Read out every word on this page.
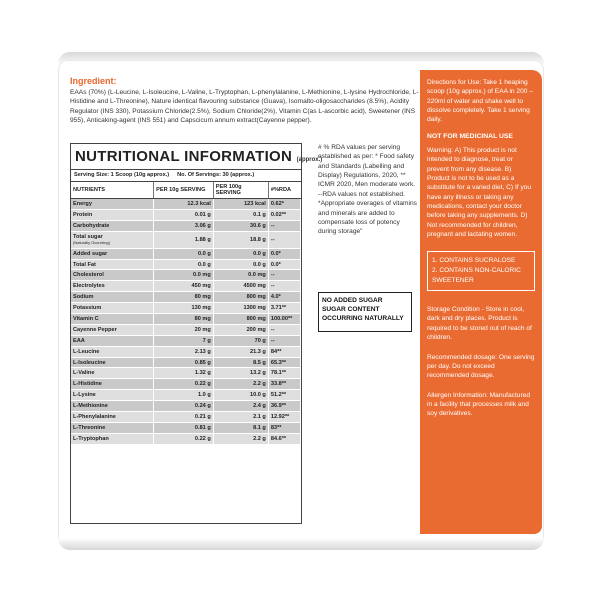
Ingredient:
EAAs (70%) (L-Leucine, L-Isoleucine, L-Valine, L-Tryptophan, L-phenylalanine, L-Methionine, L-lysine Hydrochloride, L-Histidine and L-Threonine), Nature identical flavouring substance (Guava), Isomalto-oligosaccharides (8.5%), Acidity Regulator (INS 330), Potassium Chloride(2.5%), Sodium Chloride(2%), Vitamin C(as L-ascorbic acid), Sweetener (INS 955), Anticaking-agent (INS 551) and Capscicum annum extract(Cayenne pepper).
NUTRITIONAL INFORMATION (approx.)
Serving Size: 1 Scoop (10g approx.) No. Of Servings: 30 (approx.)
NUTRIENTS	PER 10g SERVING	PER 100g SERVING	#%RDA
Energy	12.3 kcal	123 kcal	0.62*
Protein	0.01 g	0.1 g	0.02**
Carbohydrate	3.06 g	30.6 g	--
Total sugar
(Naturally Occurring)	1.88 g	18.8 g	--
Added sugar	0.0 g	0.0 g	0.0*
Total Fat	0.0 g	0.0 g	0.0*
Cholesterol	0.0 mg	0.0 mg	--
Electrolytes	450 mg	4500 mg	--
Sodium	80 mg	800 mg	4.0*
Potassium	130 mg	1300 mg	3.71**
Vitamin C	80 mg	800 mg	100.00**
Cayenne Pepper	20 mg	200 mg	--
EAA	7 g	70 g	--
L-Leucine	2.13 g	21.3 g	84**
L-Isoleucine	0.85 g	8.5 g	65.3**
L-Valine	1.32 g	13.2 g	78.1**
L-Histidine	0.22 g	2.2 g	33.8**
L-Lysine	1.0 g	10.0 g	51.2**
L-Methionine	0.24 g	2.4 g	36.9**
L-Phenylalanine	0.21 g	2.1 g	12.92**
L-Threonine	0.81 g	8.1 g	83**
L-Tryptophan	0.22 g	2.2 g	84.6**
# % RDA values per serving established as per: * Food safety and Standards (Labelling and Display) Regulations, 2020, ** ICMR 2020, Men moderate work. --RDA values not established. *Appropriate overages of vitamins and minerals are added to compensate loss of potency during storage"
NO ADDED SUGAR SUGAR CONTENT OCCURRING NATURALLY
Directions for Use: Take 1 heaping scoop (10g approx.) of EAA in 200 – 220ml of water and shake well to dissolve completely. Take 1 serving daily.
NOT FOR MEDICINAL USE
Warning: A) This product is not intended to diagnose, treat or prevent from any disease. B) Product is not to be used as a substitute for a varied diet, C) If you have any illness or taking any medications, contact your doctor before taking any supplements. D) Not recommended for children, pregnant and lactating women.
1. CONTAINS SUCRALOSE
2. CONTAINS NON-CALORIC SWEETENER
Storage Condition - Store in cool, dark and dry places. Product is required to be stored out of reach of children.
Recommended dosage: One serving per day. Do not exceed recommended dosage.
Allergen Information: Manufactured in a facility that processes milk and soy derivatives.
